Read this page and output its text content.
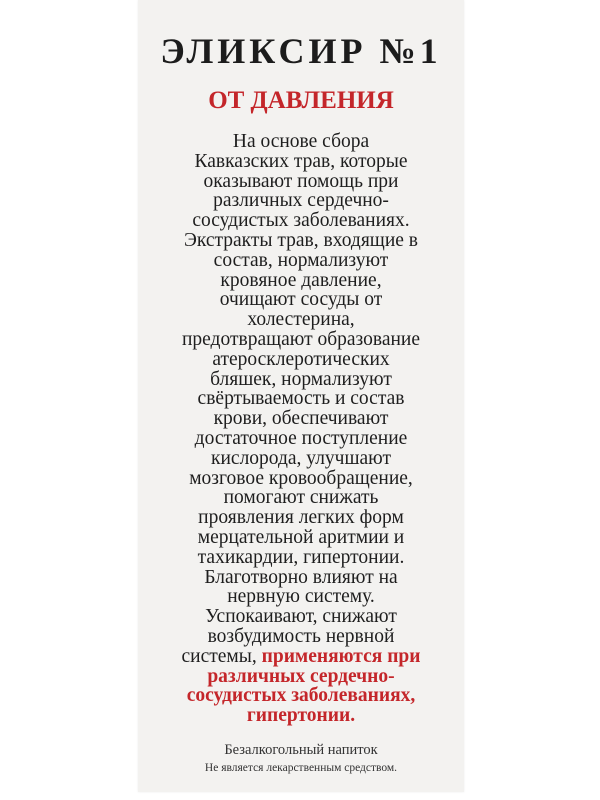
ЭЛИКСИР №1
ОТ ДАВЛЕНИЯ
На основе сбора
Кавказских трав, которые
оказывают помощь при
различных сердечно-
сосудистых заболеваниях.
Экстракты трав, входящие в
состав, нормализуют
кровяное давление,
очищают сосуды от
холестерина,
предотвращают образование
атеросклеротических
бляшек, нормализуют
свёртываемость и состав
крови, обеспечивают
достаточное поступление
кислорода, улучшают
мозговое кровообращение,
помогают снижать
проявления легких форм
мерцательной аритмии и
тахикардии, гипертонии.
Благотворно влияют на
нервную систему.
Успокаивают, снижают
возбудимость нервной
системы, применяются при
различных сердечно-
сосудистых заболеваниях,
гипертонии.
Безалкогольный напиток
Не является лекарственным средством.
